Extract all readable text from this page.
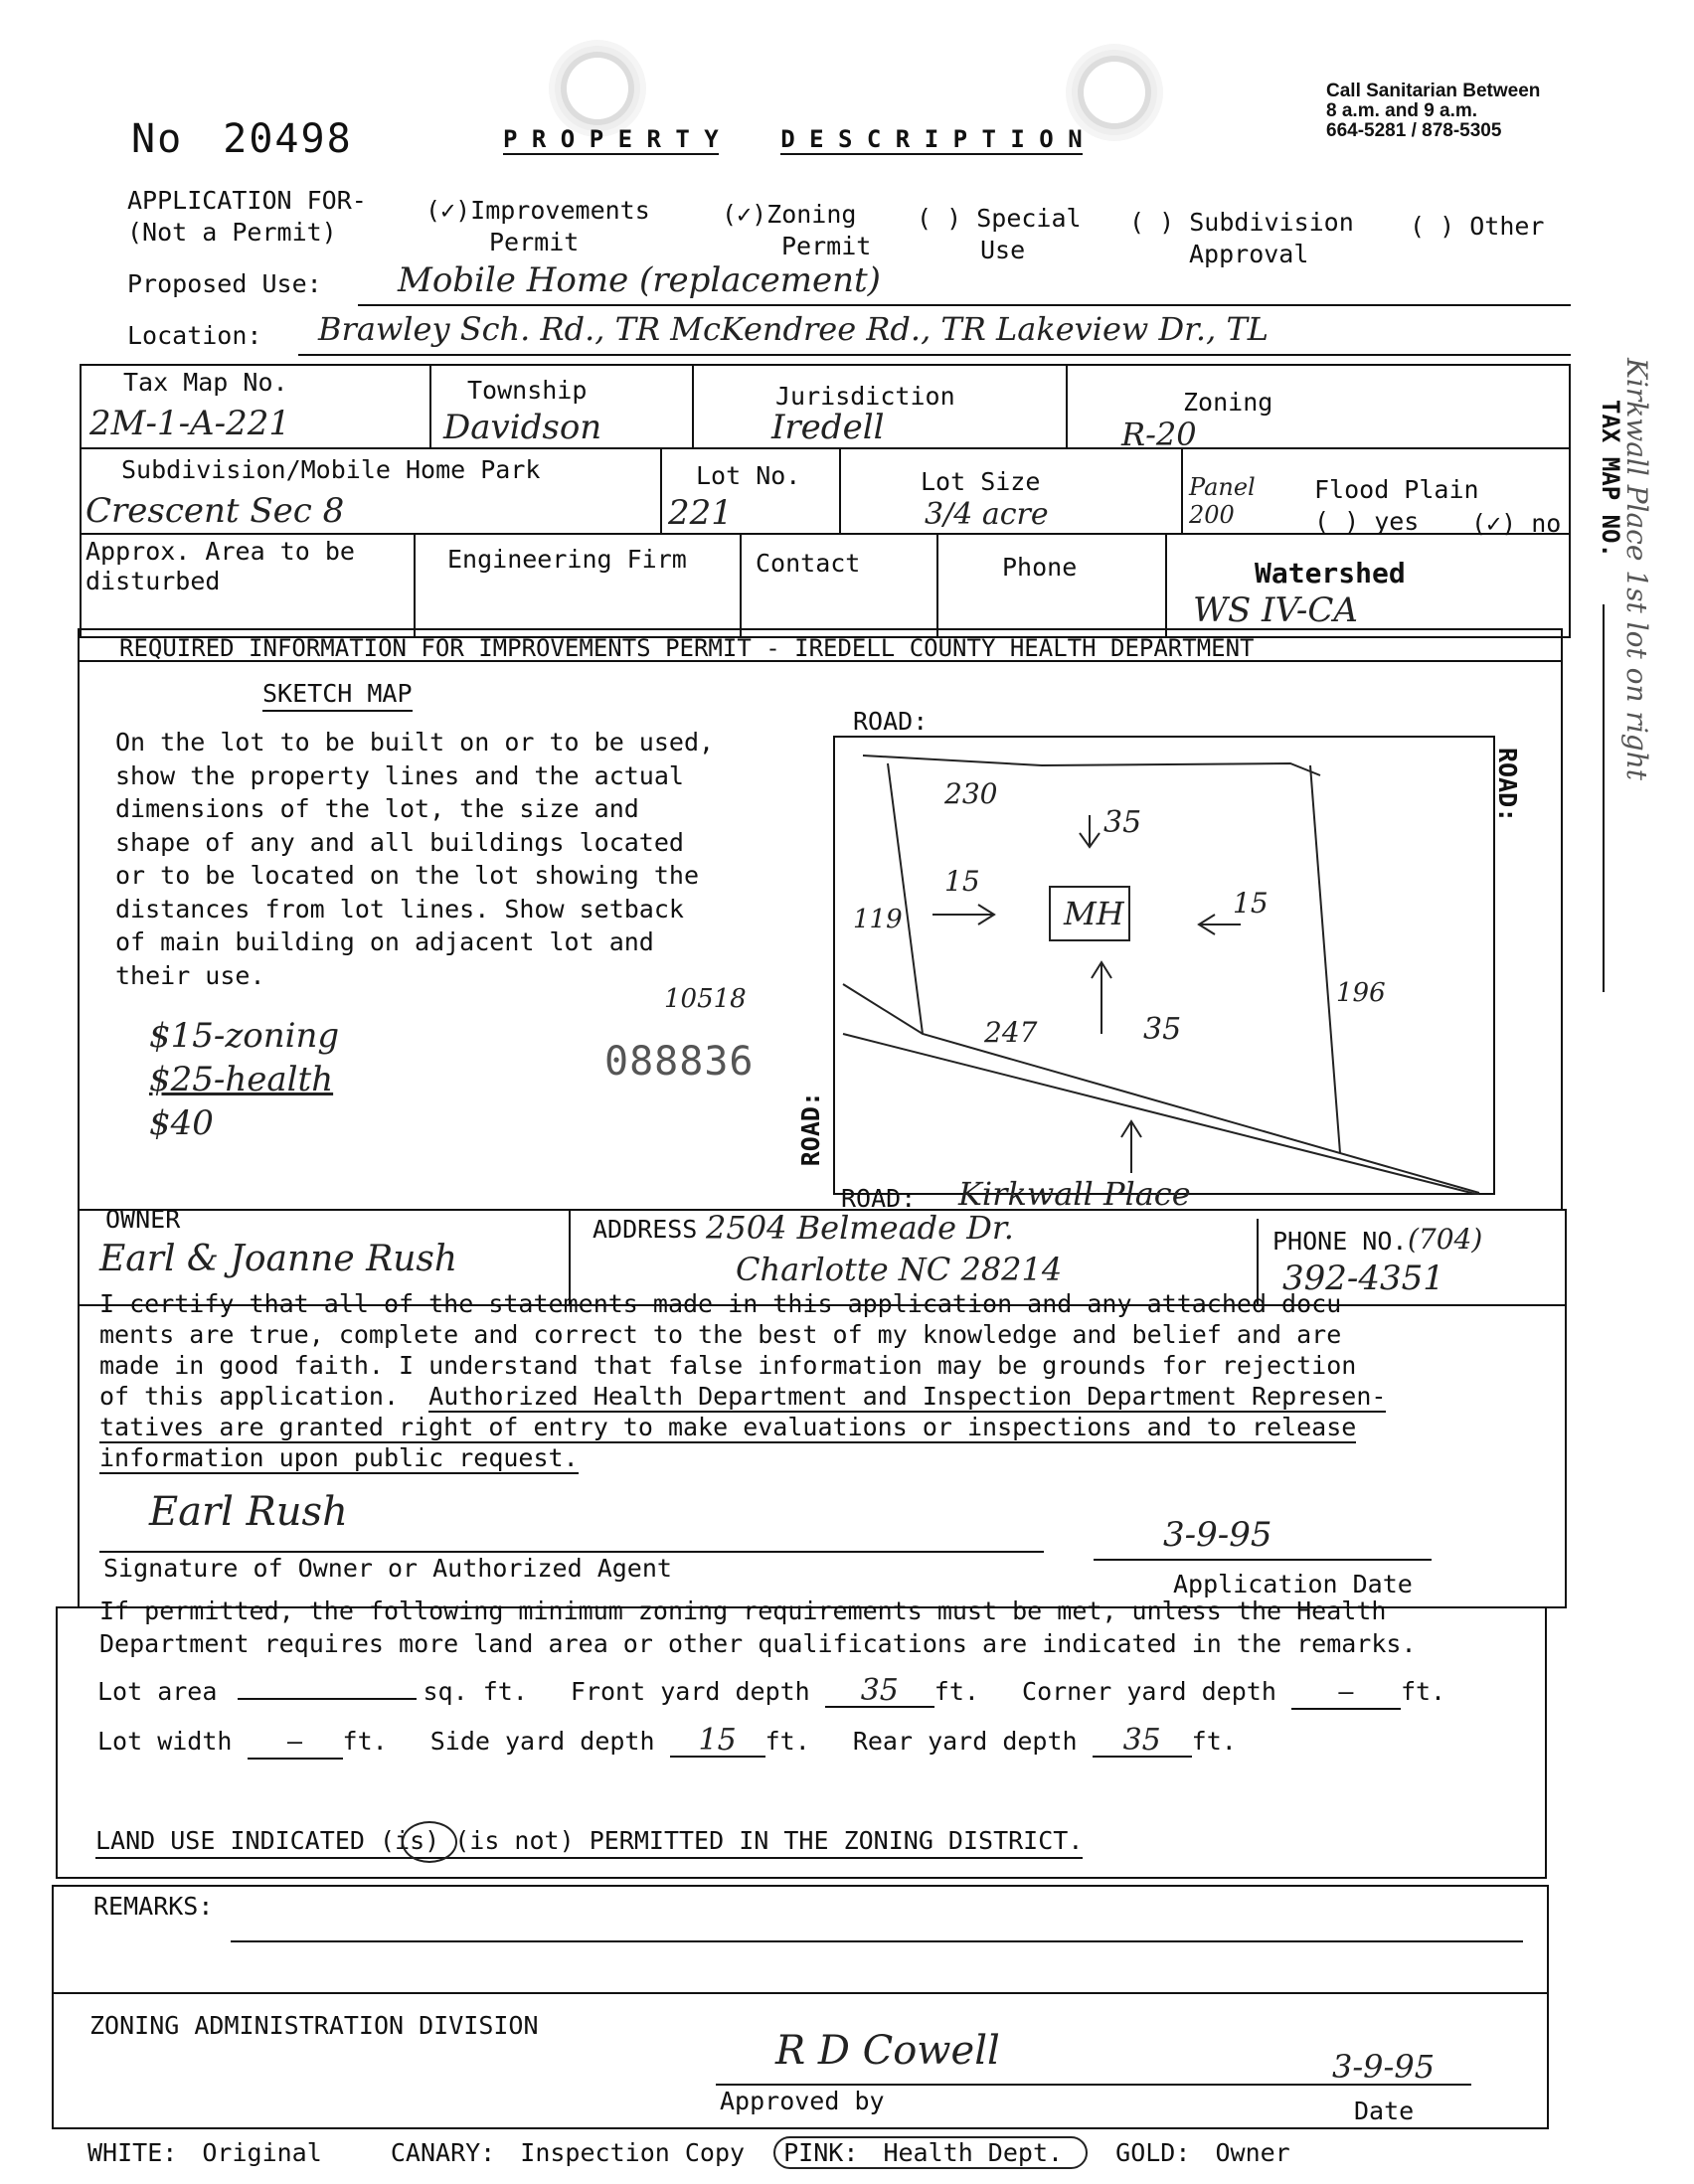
No 20498	P R O P E R T Y	D E S C R I P T I O N
Call Sanitarian Between
8 a.m. and 9 a.m.
664-5281 / 878-5305
APPLICATION FOR-
(Not a Permit)
(✓)Improvements
Permit
(✓)Zoning
Permit
( ) Special
Use
( ) Subdivision
Approval
( ) Other
Proposed Use: Mobile Home (replacement)
Location: Brawley Sch. Rd., TR McKendree Rd., TR Lakeview Dr., TL
Tax Map No.
2M-1-A-221
Township
Davidson
Jurisdiction
Iredell
Zoning
R-20
Subdivision/Mobile Home Park
Crescent Sec 8
Lot No.
221
Lot Size
3/4 acre
Panel 200
Flood Plain
( ) yes (✓) no
Approx. Area to be
disturbed
Engineering Firm	Contact	Phone	Watershed
WS IV-CA
TAX MAP NO.
REQUIRED INFORMATION FOR IMPROVEMENTS PERMIT - IREDELL COUNTY HEALTH DEPARTMENT
SKETCH MAP
On the lot to be built on or to be used,
show the property lines and the actual
dimensions of the lot, the size and
shape of any and all buildings located
or to be located on the lot showing the
distances from lot lines. Show setback
of main building on adjacent lot and
their use.
$15-zoning
$25-health
$40
10518
088836
ROAD:
ROAD:
ROAD:
230
35
15
119	MH	15
196
247	35
ROAD: Kirkwall Place
OWNER
Earl & Joanne Rush
ADDRESS 2504 Belmeade Dr.
Charlotte NC 28214
PHONE NO. (704)
392-4351
I certify that all of the statements made in this application and any attached docu-
ments are true, complete and correct to the best of my knowledge and belief and are
made in good faith. I understand that false information may be grounds for rejection
of this application.  Authorized Health Department and Inspection Department Represen-
tatives are granted right of entry to make evaluations or inspections and to release
information upon public request.
Earl Rush	3-9-95
Signature of Owner or Authorized Agent
Application Date
If permitted, the following minimum zoning requirements must be met, unless the Health
Department requires more land area or other qualifications are indicated in the remarks.
Lot area	sq. ft. Front yard depth 35 ft. Corner yard depth	— ft.
Lot width — ft. Side yard depth 15 ft. Rear yard depth 35 ft.
LAND USE INDICATED (is) (is not) PERMITTED IN THE ZONING DISTRICT.
REMARKS:
ZONING ADMINISTRATION DIVISION
R D Cowell	3-9-95
Approved by	Date
WHITE: Original	CANARY: Inspection Copy PINK: Health Dept. GOLD: Owner
Kirkwall Place 1st lot on right
